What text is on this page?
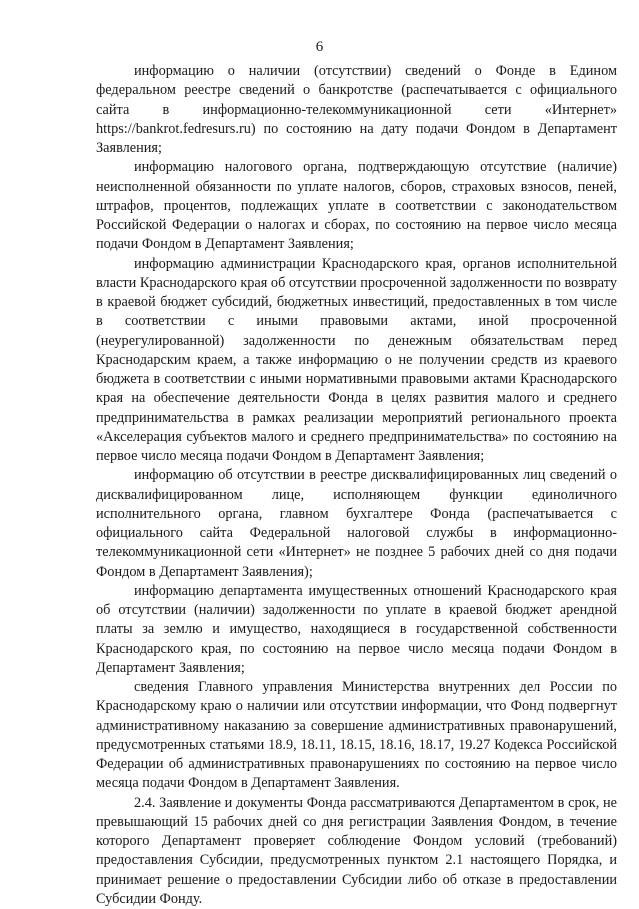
6

информацию о наличии (отсутствии) сведений о Фонде в Едином федеральном реестре сведений о банкротстве (распечатывается с официального сайта в информационно-телекоммуникационной сети «Интернет» https://bankrot.fedresurs.ru) по состоянию на дату подачи Фондом в Департамент Заявления;

информацию налогового органа, подтверждающую отсутствие (наличие) неисполненной обязанности по уплате налогов, сборов, страховых взносов, пеней, штрафов, процентов, подлежащих уплате в соответствии с законодательством Российской Федерации о налогах и сборах, по состоянию на первое число месяца подачи Фондом в Департамент Заявления;

информацию администрации Краснодарского края, органов исполнительной власти Краснодарского края об отсутствии просроченной задолженности по возврату в краевой бюджет субсидий, бюджетных инвестиций, предоставленных в том числе в соответствии с иными правовыми актами, иной просроченной (неурегулированной) задолженности по денежным обязательствам перед Краснодарским краем, а также информацию о не получении средств из краевого бюджета в соответствии с иными нормативными правовыми актами Краснодарского края на обеспечение деятельности Фонда в целях развития малого и среднего предпринимательства в рамках реализации мероприятий регионального проекта «Акселерация субъектов малого и среднего предпринимательства» по состоянию на первое число месяца подачи Фондом в Департамент Заявления;

информацию об отсутствии в реестре дисквалифицированных лиц сведений о дисквалифицированном лице, исполняющем функции единоличного исполнительного органа, главном бухгалтере Фонда (распечатывается с официального сайта Федеральной налоговой службы в информационно-телекоммуникационной сети «Интернет» не позднее 5 рабочих дней со дня подачи Фондом в Департамент Заявления);

информацию департамента имущественных отношений Краснодарского края об отсутствии (наличии) задолженности по уплате в краевой бюджет арендной платы за землю и имущество, находящиеся в государственной собственности Краснодарского края, по состоянию на первое число месяца подачи Фондом в Департамент Заявления;

сведения Главного управления Министерства внутренних дел России по Краснодарскому краю о наличии или отсутствии информации, что Фонд подвергнут административному наказанию за совершение административных правонарушений, предусмотренных статьями 18.9, 18.11, 18.15, 18.16, 18.17, 19.27 Кодекса Российской Федерации об административных правонарушениях по состоянию на первое число месяца подачи Фондом в Департамент Заявления.

2.4. Заявление и документы Фонда рассматриваются Департаментом в срок, не превышающий 15 рабочих дней со дня регистрации Заявления Фондом, в течение которого Департамент проверяет соблюдение Фондом условий (требований) предоставления Субсидии, предусмотренных пунктом 2.1 настоящего Порядка, и принимает решение о предоставлении Субсидии либо об отказе в предоставлении Субсидии Фонду.
